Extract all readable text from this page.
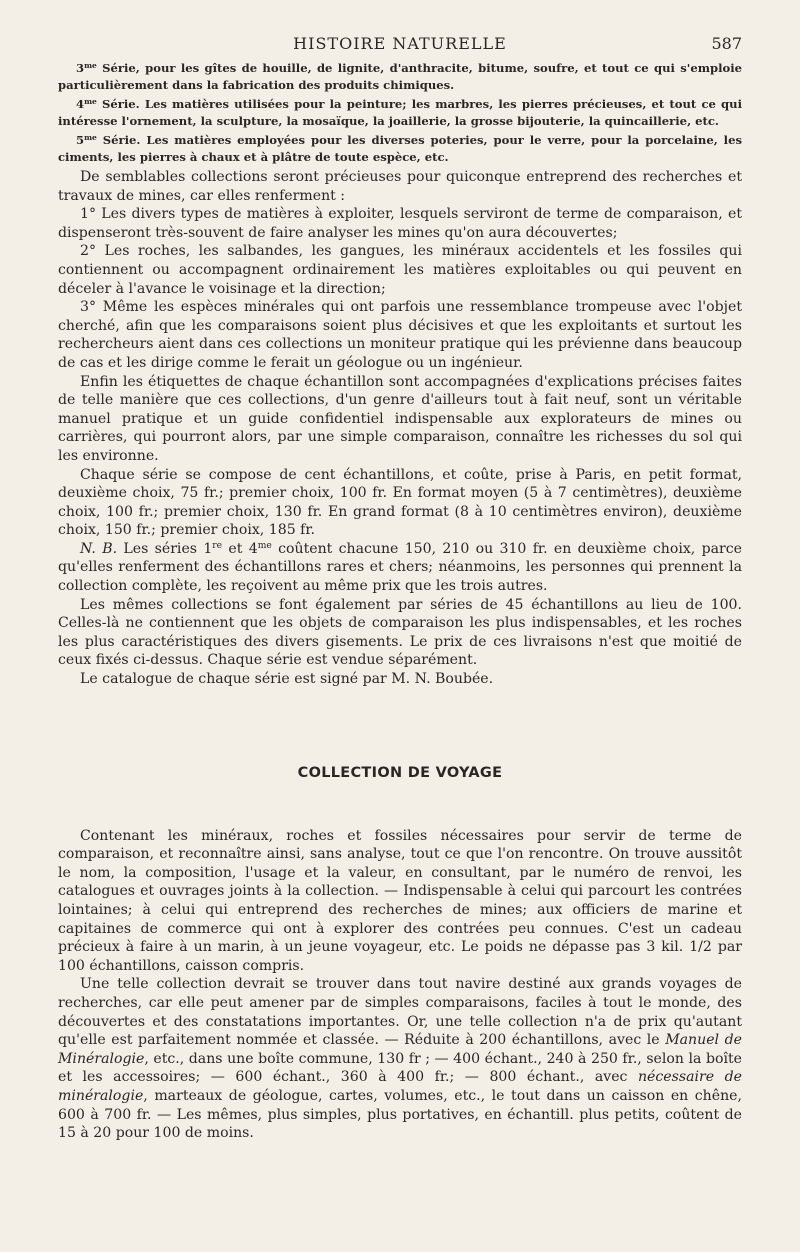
HISTOIRE NATURELLE	587

$3^{me}$ Série, pour les gîtes de houille, de lignite, d'anthracite, bitume, soufre, et tout ce qui s'emploie particulièrement dans la fabrication des produits chimiques.

$4^{me}$ Série. Les matières utilisées pour la peinture; les marbres, les pierres précieuses, et tout ce qui intéresse l'ornement, la sculpture, la mosaïque, la joaillerie, la grosse bijouterie, la quincaillerie, etc.

$5^{me}$ Série. Les matières employées pour les diverses poteries, pour le verre, pour la porcelaine, les ciments, les pierres à chaux et à plâtre de toute espèce, etc.

De semblables collections seront précieuses pour quiconque entreprend des recherches et travaux de mines, car elles renferment :

1° Les divers types de matières à exploiter, lesquels serviront de terme de comparaison, et dispenseront très-souvent de faire analyser les mines qu'on aura découvertes;

2° Les roches, les salbandes, les gangues, les minéraux accidentels et les fossiles qui contiennent ou accompagnent ordinairement les matières exploitables ou qui peuvent en déceler à l'avance le voisinage et la direction;

3° Même les espèces minérales qui ont parfois une ressemblance trompeuse avec l'objet cherché, afin que les comparaisons soient plus décisives et que les exploitants et surtout les rechercheurs aient dans ces collections un moniteur pratique qui les prévienne dans beaucoup de cas et les dirige comme le ferait un géologue ou un ingénieur.

Enfin les étiquettes de chaque échantillon sont accompagnées d'explications précises faites de telle manière que ces collections, d'un genre d'ailleurs tout à fait neuf, sont un véritable manuel pratique et un guide confidentiel indispensable aux explorateurs de mines ou carrières, qui pourront alors, par une simple comparaison, connaître les richesses du sol qui les environne.

Chaque série se compose de cent échantillons, et coûte, prise à Paris, en petit format, deuxième choix, 75 fr.; premier choix, 100 fr. En format moyen (5 à 7 centimètres), deuxième choix, 100 fr.; premier choix, 130 fr. En grand format (8 à 10 centimètres environ), deuxième choix, 150 fr.; premier choix, 185 fr.

N. B. Les séries 1re et $4^{me}$ coûtent chacune 150, 210 ou 310 fr. en deuxième choix, parce qu'elles renferment des échantillons rares et chers; néanmoins, les personnes qui prennent la collection complète, les reçoivent au même prix que les trois autres.

Les mêmes collections se font également par séries de 45 échantillons au lieu de 100. Celles-là ne contiennent que les objets de comparaison les plus indispensables, et les roches les plus caractéristiques des divers gisements. Le prix de ces livraisons n'est que moitié de ceux fixés ci-dessus. Chaque série est vendue séparément.

Le catalogue de chaque série est signé par M. N. Boubée.

COLLECTION DE VOYAGE

Contenant les minéraux, roches et fossiles nécessaires pour servir de terme de comparaison, et reconnaître ainsi, sans analyse, tout ce que l'on rencontre. On trouve aussitôt le nom, la composition, l'usage et la valeur, en consultant, par le numéro de renvoi, les catalogues et ouvrages joints à la collection. — Indispensable à celui qui parcourt les contrées lointaines; à celui qui entreprend des recherches de mines; aux officiers de marine et capitaines de commerce qui ont à explorer des contrées peu connues. C'est un cadeau précieux à faire à un marin, à un jeune voyageur, etc. Le poids ne dépasse pas 3 kil. 1/2 par 100 échantillons, caisson compris.

Une telle collection devrait se trouver dans tout navire destiné aux grands voyages de recherches, car elle peut amener par de simples comparaisons, faciles à tout le monde, des découvertes et des constatations importantes. Or, une telle collection n'a de prix qu'autant qu'elle est parfaitement nommée et classée. — Réduite à 200 échantillons, avec le Manuel de Minéralogie, etc., dans une boîte commune, 130 fr ; — 400 échant., 240 à 250 fr., selon la boîte et les accessoires; — 600 échant., 360 à 400 fr.; — 800 échant., avec nécessaire de minéralogie, marteaux de géologue, cartes, volumes, etc., le tout dans un caisson en chêne, 600 à 700 fr. — Les mêmes, plus simples, plus portatives, en échantill. plus petits, coûtent de 15 à 20 pour 100 de moins.
